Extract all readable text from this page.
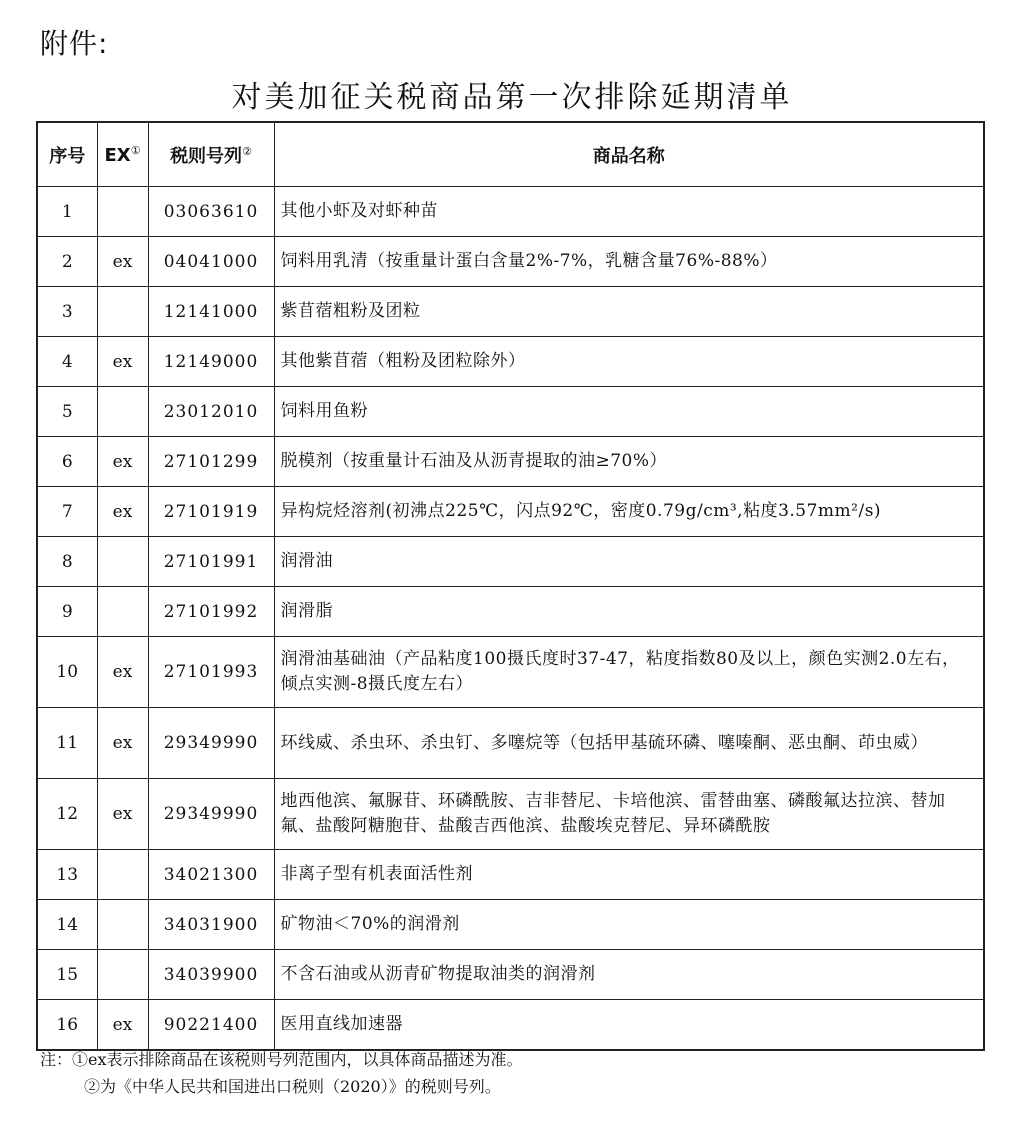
附件:
对美加征关税商品第一次排除延期清单
序号	EX①	税则号列②	商品名称
1		03063610	其他小虾及对虾种苗
2	ex	04041000	饲料用乳清（按重量计蛋白含量2%-7%，乳糖含量76%-88%）
3		12141000	紫苜蓿粗粉及团粒
4	ex	12149000	其他紫苜蓿（粗粉及团粒除外）
5		23012010	饲料用鱼粉
6	ex	27101299	脱模剂（按重量计石油及从沥青提取的油≥70%）
7	ex	27101919	异构烷烃溶剂(初沸点225℃，闪点92℃，密度0.79g/cm³,粘度3.57mm²/s)
8		27101991	润滑油
9		27101992	润滑脂
10	ex	27101993	润滑油基础油（产品粘度100摄氏度时37-47，粘度指数80及以上，颜色实测2.0左右，倾点实测-8摄氏度左右）
11	ex	29349990	环线威、杀虫环、杀虫钉、多噻烷等（包括甲基硫环磷、噻嗪酮、恶虫酮、茚虫威）
12	ex	29349990	地西他滨、氟脲苷、环磷酰胺、吉非替尼、卡培他滨、雷替曲塞、磷酸氟达拉滨、替加氟、盐酸阿糖胞苷、盐酸吉西他滨、盐酸埃克替尼、异环磷酰胺
13		34021300	非离子型有机表面活性剂
14		34031900	矿物油＜70%的润滑剂
15		34039900	不含石油或从沥青矿物提取油类的润滑剂
16	ex	90221400	医用直线加速器
注：①ex表示排除商品在该税则号列范围内，以具体商品描述为准。
②为《中华人民共和国进出口税则（2020）》的税则号列。
